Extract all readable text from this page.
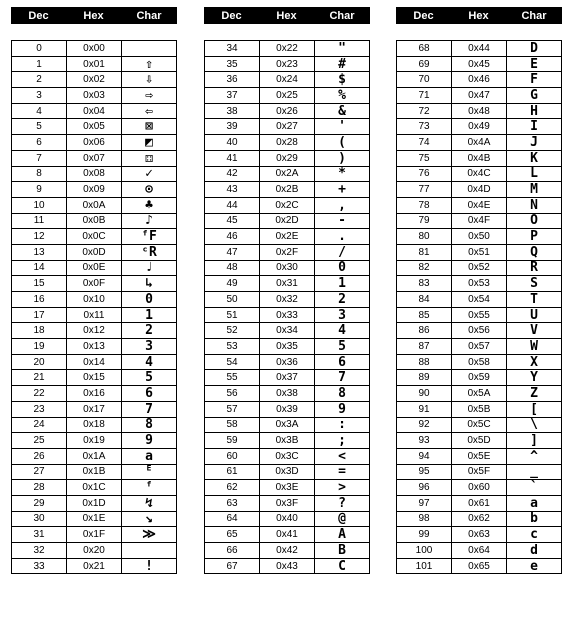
Dec	Hex	Char
0	0x00
1	0x01	⇧
2	0x02	⇩
3	0x03	⇨
4	0x04	⇦
5	0x05	⊠
6	0x06	◩
7	0x07	⚃
8	0x08	✓
9	0x09	⊙
10	0x0A	♣
11	0x0B	♪
12	0x0C	ᶠF
13	0x0D	ᶜR
14	0x0E	♩
15	0x0F	↳
16	0x10	0
17	0x11	1
18	0x12	2
19	0x13	3
20	0x14	4
21	0x15	5
22	0x16	6
23	0x17	7
24	0x18	8
25	0x19	9
26	0x1A	a
27	0x1B	ᴱ
28	0x1C	ᶠ
29	0x1D	↯
30	0x1E	↘
31	0x1F	≫
32	0x20
33	0x21	!
Dec	Hex	Char
34	0x22	"
35	0x23	#
36	0x24	$
37	0x25	%
38	0x26	&
39	0x27	'
40	0x28	(
41	0x29	)
42	0x2A	*
43	0x2B	+
44	0x2C	,
45	0x2D	-
46	0x2E	.
47	0x2F	/
48	0x30	0
49	0x31	1
50	0x32	2
51	0x33	3
52	0x34	4
53	0x35	5
54	0x36	6
55	0x37	7
56	0x38	8
57	0x39	9
58	0x3A	:
59	0x3B	;
60	0x3C	<
61	0x3D	=
62	0x3E	>
63	0x3F	?
64	0x40	@
65	0x41	A
66	0x42	B
67	0x43	C
Dec	Hex	Char
68	0x44	D
69	0x45	E
70	0x46	F
71	0x47	G
72	0x48	H
73	0x49	I
74	0x4A	J
75	0x4B	K
76	0x4C	L
77	0x4D	M
78	0x4E	N
79	0x4F	O
80	0x50	P
81	0x51	Q
82	0x52	R
83	0x53	S
84	0x54	T
85	0x55	U
86	0x56	V
87	0x57	W
88	0x58	X
89	0x59	Y
90	0x5A	Z
91	0x5B	[
92	0x5C	\
93	0x5D	]
94	0x5E	^
95	0x5F	_
96	0x60	`
97	0x61	a
98	0x62	b
99	0x63	c
100	0x64	d
101	0x65	e
